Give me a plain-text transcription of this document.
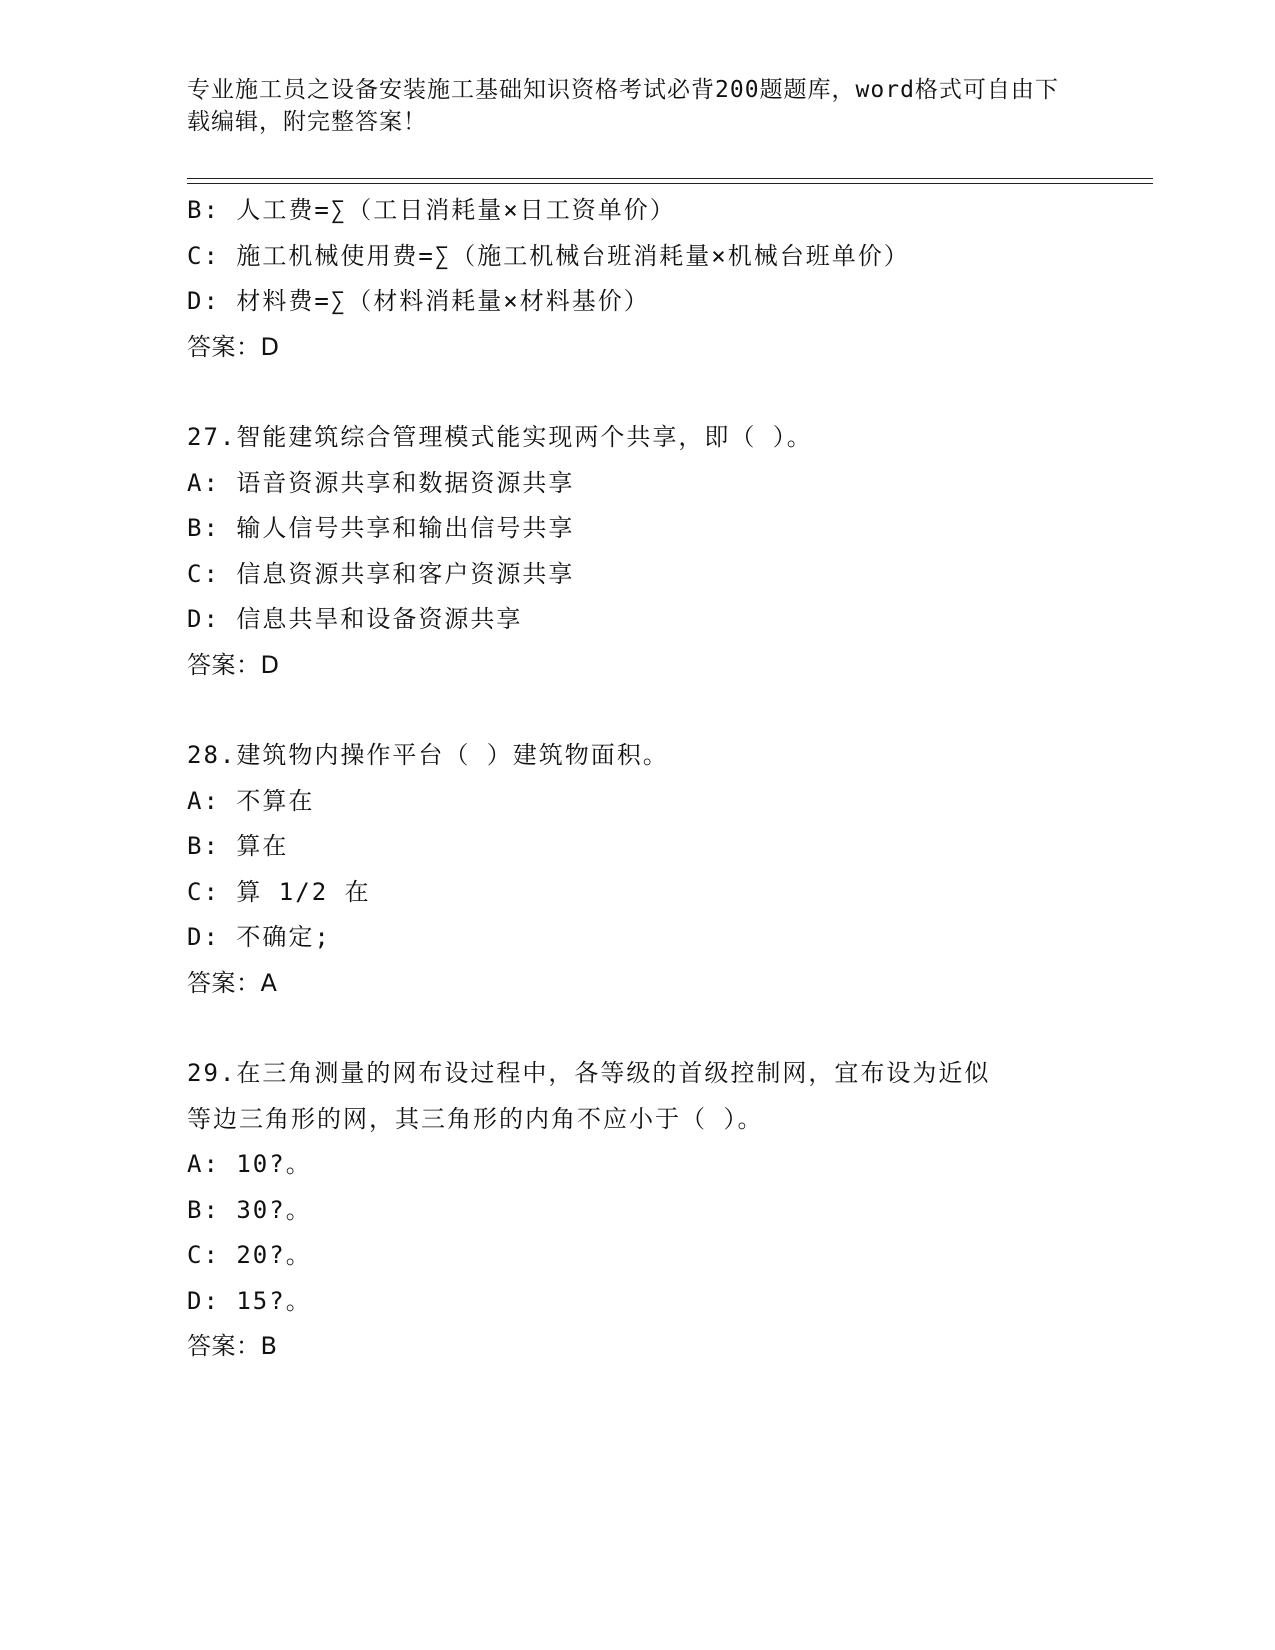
专业施工员之设备安装施工基础知识资格考试必背200题题库，word格式可自由下载编辑，附完整答案！
B: 人工费=∑（工日消耗量×日工资单价）
C: 施工机械使用费=∑（施工机械台班消耗量×机械台班单价）
D: 材料费=∑（材料消耗量×材料基价）
答案：D
27.智能建筑综合管理模式能实现两个共享，即（ ）。
A: 语音资源共享和数据资源共享
B: 输人信号共享和输出信号共享
C: 信息资源共享和客户资源共享
D: 信息共旱和设备资源共享
答案：D
28.建筑物内操作平台（ ）建筑物面积。
A: 不算在
B: 算在
C: 算 1/2 在
D: 不确定;
答案：A
29.在三角测量的网布设过程中，各等级的首级控制网，宜布设为近似
等边三角形的网，其三角形的内角不应小于（ ）。
A: 10?。
B: 30?。
C: 20?。
D: 15?。
答案：B
